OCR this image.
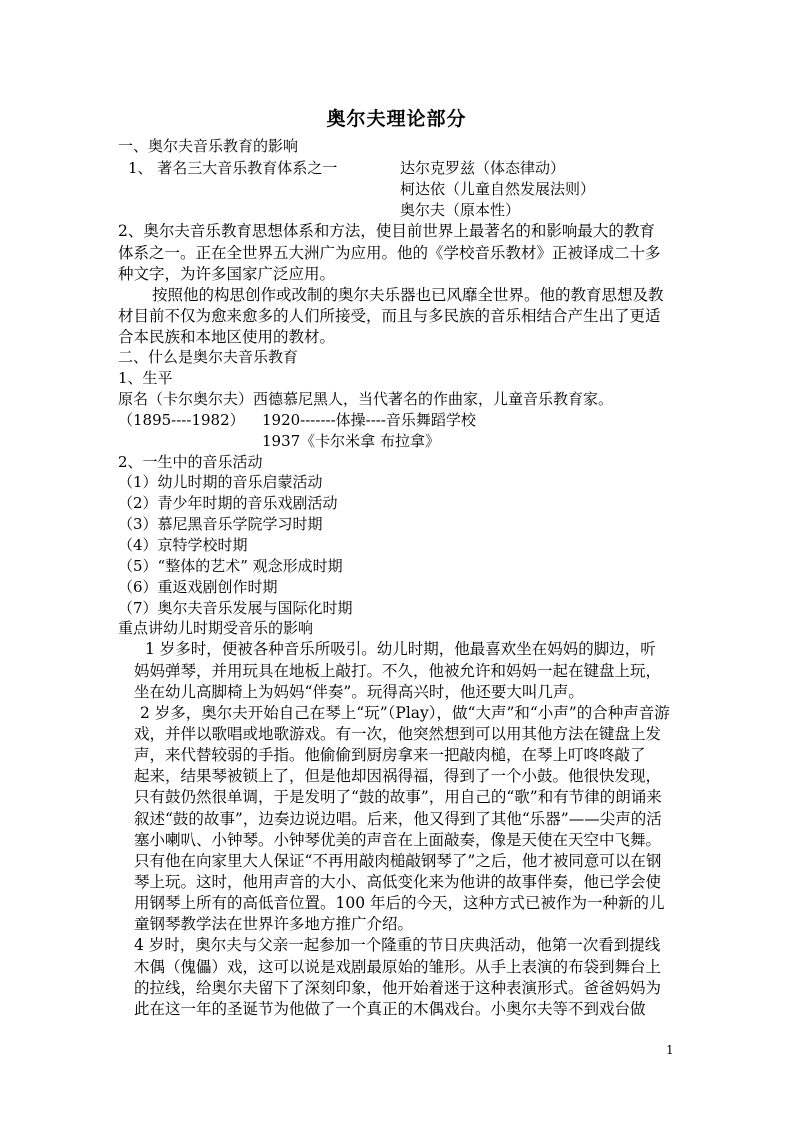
奥尔夫理论部分
一、奥尔夫音乐教育的影响
1、 著名三大音乐教育体系之一	达尔克罗兹（体态律动）
柯达依（儿童自然发展法则）
奥尔夫（原本性）
2、奥尔夫音乐教育思想体系和方法，使目前世界上最著名的和影响最大的教育
体系之一。正在全世界五大洲广为应用。他的《学校音乐教材》正被译成二十多
种文字，为许多国家广泛应用。
按照他的构思创作或改制的奥尔夫乐器也已风靡全世界。他的教育思想及教
材目前不仅为愈来愈多的人们所接受，而且与多民族的音乐相结合产生出了更适
合本民族和本地区使用的教材。
二、什么是奥尔夫音乐教育
1、生平
原名（卡尔奥尔夫）西德慕尼黑人，当代著名的作曲家，儿童音乐教育家。
（1895----1982） 1920-------体操----音乐舞蹈学校
1937《卡尔米拿 布拉拿》
2、一生中的音乐活动
（1）幼儿时期的音乐启蒙活动
（2）青少年时期的音乐戏剧活动
（3）慕尼黑音乐学院学习时期
（4）京特学校时期
（5）“整体的艺术” 观念形成时期
（6）重返戏剧创作时期
（7）奥尔夫音乐发展与国际化时期
重点讲幼儿时期受音乐的影响
1 岁多时，便被各种音乐所吸引。幼儿时期，他最喜欢坐在妈妈的脚边，听
妈妈弹琴，并用玩具在地板上敲打。不久，他被允许和妈妈一起在键盘上玩，
坐在幼儿高脚椅上为妈妈“伴奏”。玩得高兴时，他还要大叫几声。
2 岁多，奥尔夫开始自己在琴上“玩”（Play），做“大声”和“小声”的合种声音游
戏，并伴以歌唱或地歌游戏。有一次，他突然想到可以用其他方法在键盘上发
声，来代替较弱的手指。他偷偷到厨房拿来一把敲肉槌，在琴上叮咚咚敲了
起来，结果琴被锁上了，但是他却因祸得福，得到了一个小鼓。他很快发现，
只有鼓仍然很单调，于是发明了“鼓的故事”，用自己的“歌”和有节律的朗诵来
叙述“鼓的故事”，边奏边说边唱。后来，他又得到了其他“乐器”——尖声的活
塞小喇叭、小钟琴。小钟琴优美的声音在上面敲奏，像是天使在天空中飞舞。
只有他在向家里大人保证“不再用敲肉槌敲钢琴了”之后，他才被同意可以在钢
琴上玩。这时，他用声音的大小、高低变化来为他讲的故事伴奏，他已学会使
用钢琴上所有的高低音位置。100 年后的今天，这种方式已被作为一种新的儿
童钢琴教学法在世界许多地方推广介绍。
4 岁时，奥尔夫与父亲一起参加一个隆重的节日庆典活动，他第一次看到提线
木偶（傀儡）戏，这可以说是戏剧最原始的雏形。从手上表演的布袋到舞台上
的拉线，给奥尔夫留下了深刻印象，他开始着迷于这种表演形式。爸爸妈妈为
此在这一年的圣诞节为他做了一个真正的木偶戏台。小奥尔夫等不到戏台做
1
